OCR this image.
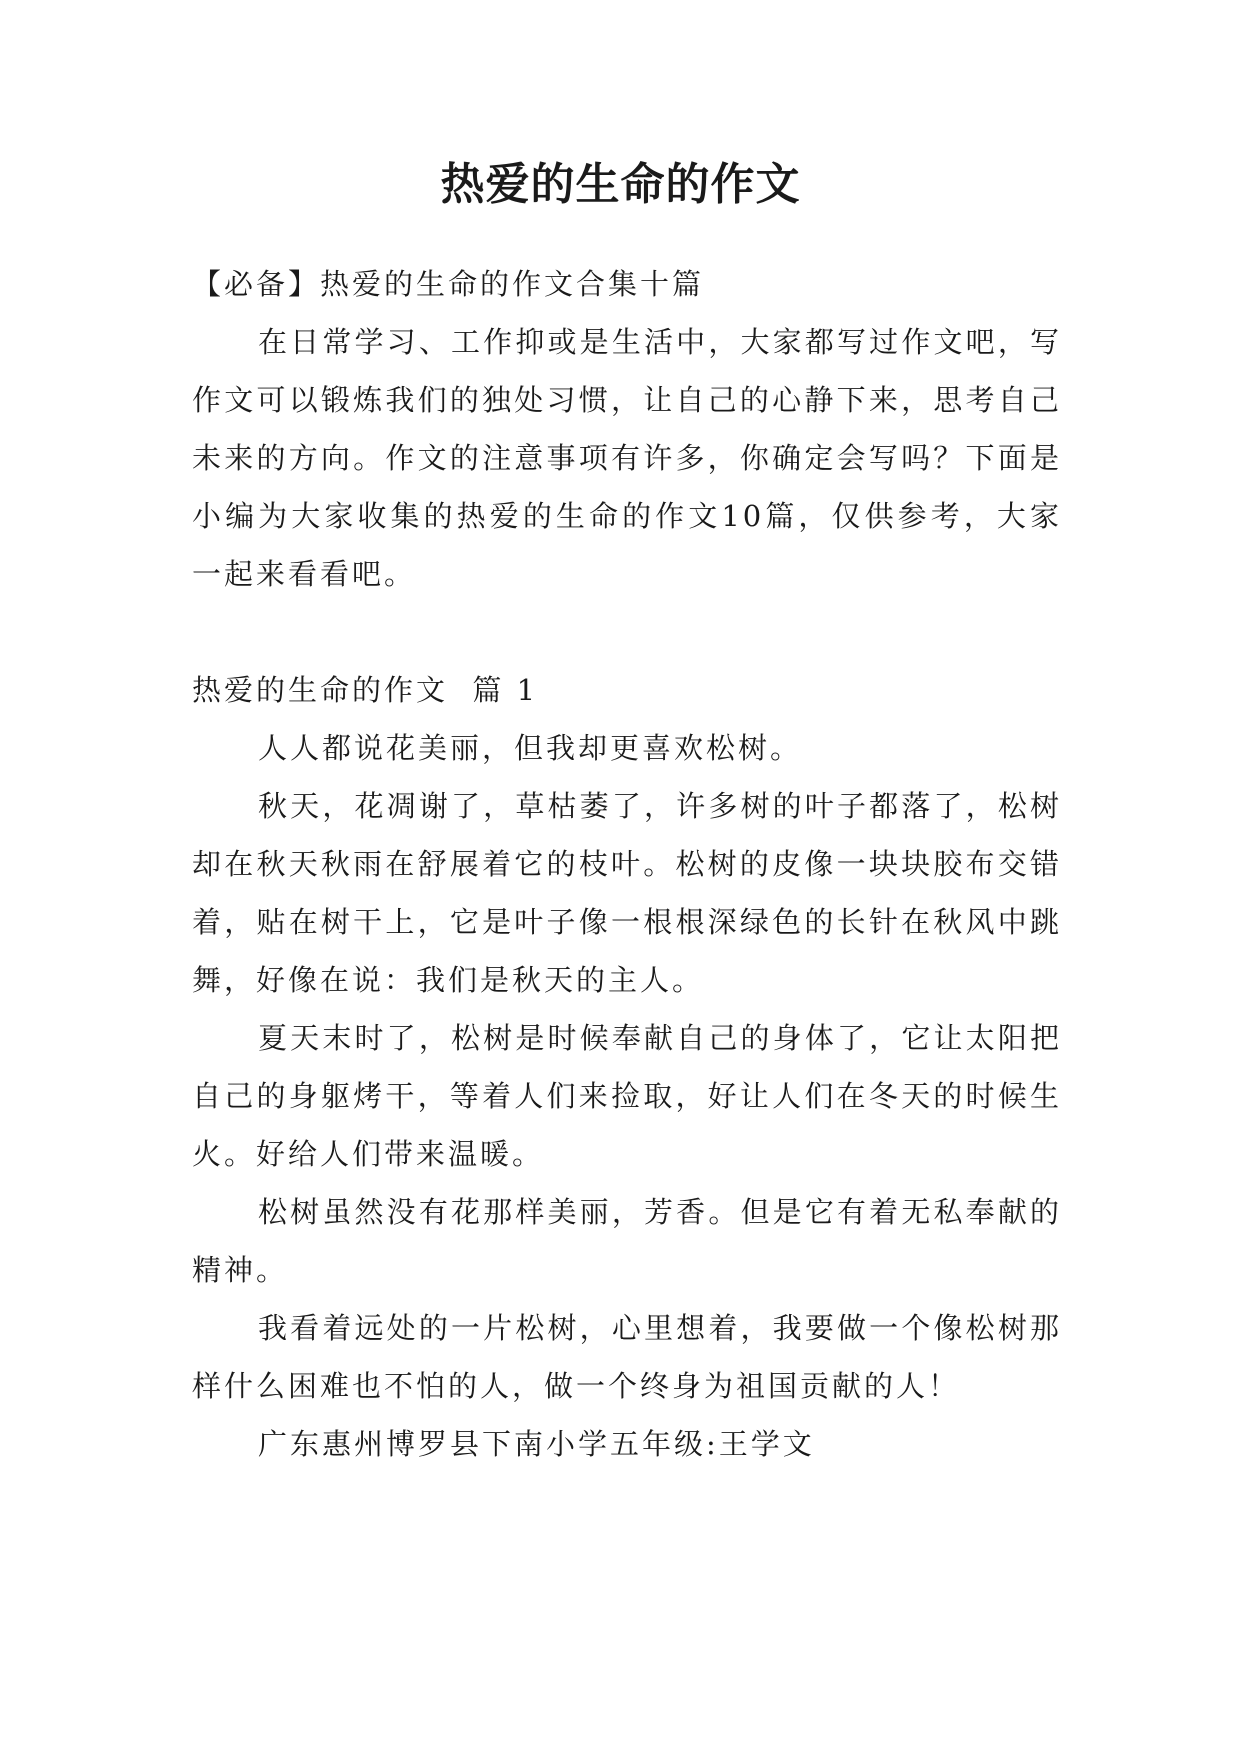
热爱的生命的作文

【必备】热爱的生命的作文合集十篇

在日常学习、工作抑或是生活中，大家都写过作文吧，写作文可以锻炼我们的独处习惯，让自己的心静下来，思考自己未来的方向。作文的注意事项有许多，你确定会写吗？下面是小编为大家收集的热爱的生命的作文10篇，仅供参考，大家一起来看看吧。

热爱的生命的作文  篇 1

人人都说花美丽，但我却更喜欢松树。

秋天，花凋谢了，草枯萎了，许多树的叶子都落了，松树却在秋天秋雨在舒展着它的枝叶。松树的皮像一块块胶布交错着，贴在树干上，它是叶子像一根根深绿色的长针在秋风中跳舞，好像在说：我们是秋天的主人。

夏天末时了，松树是时候奉献自己的身体了，它让太阳把自己的身躯烤干，等着人们来捡取，好让人们在冬天的时候生火。好给人们带来温暖。

松树虽然没有花那样美丽，芳香。但是它有着无私奉献的精神。

我看着远处的一片松树，心里想着，我要做一个像松树那样什么困难也不怕的人，做一个终身为祖国贡献的人！

广东惠州博罗县下南小学五年级:王学文
